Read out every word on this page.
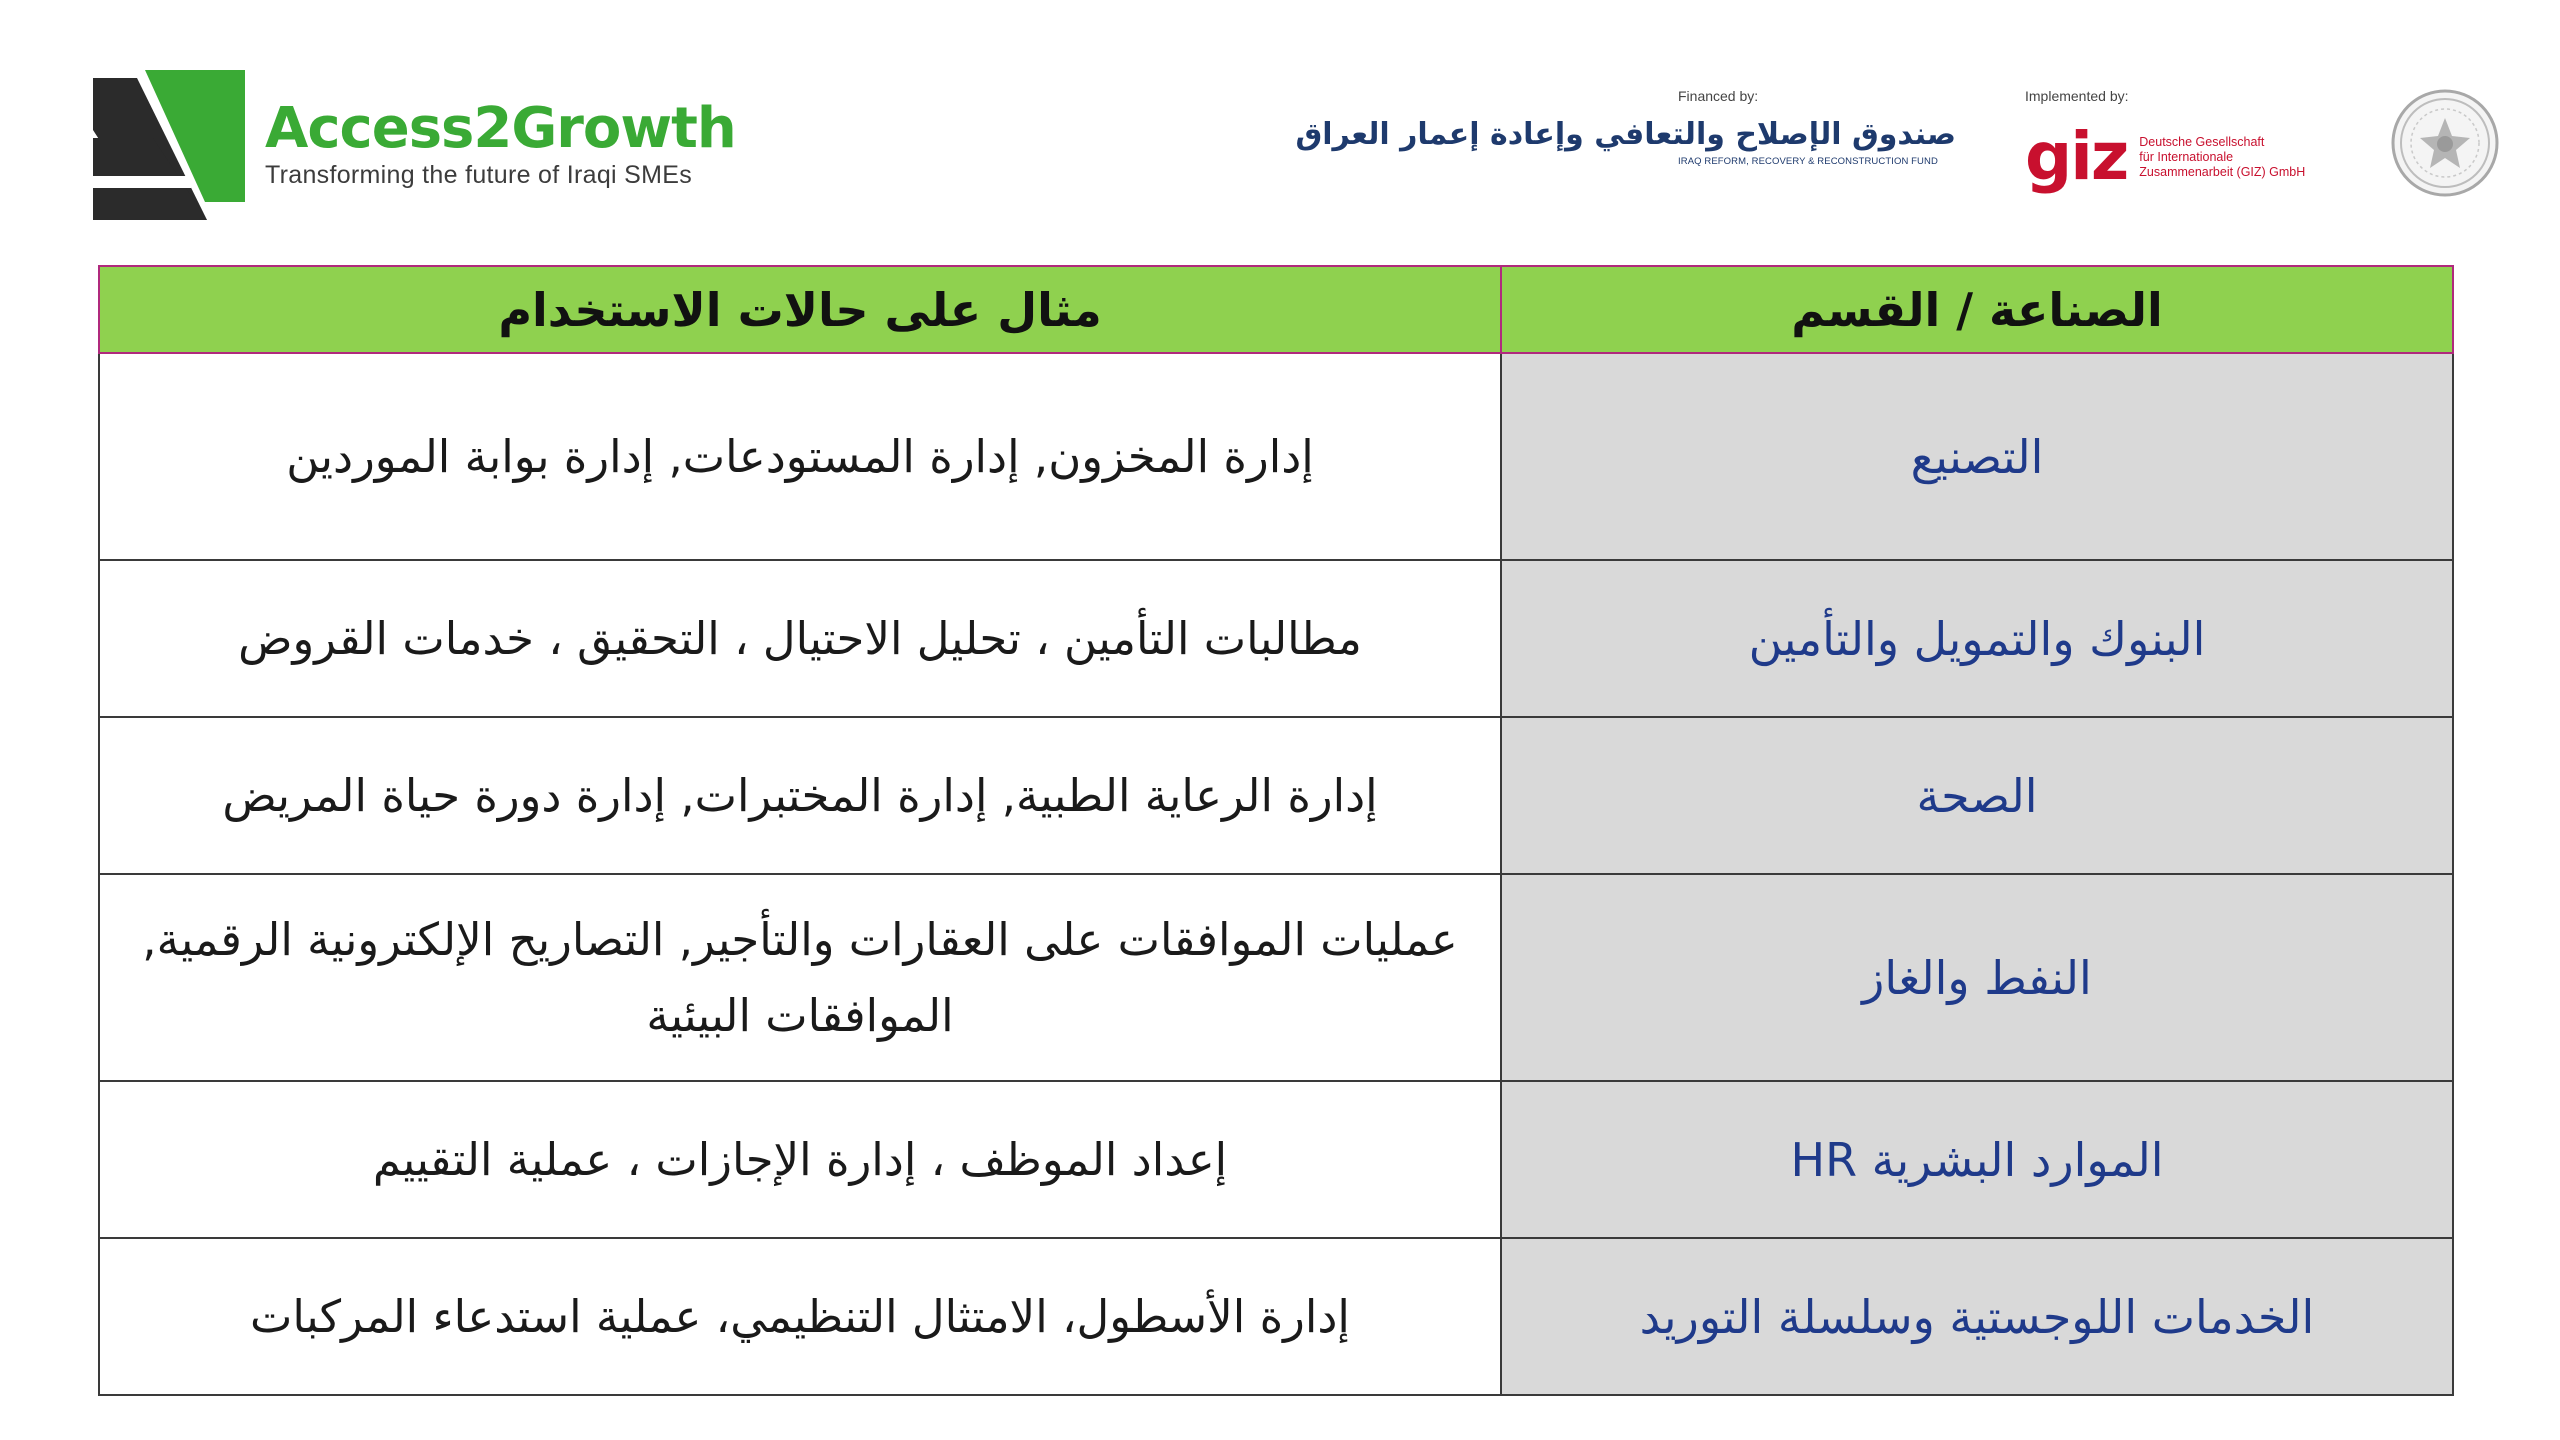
Access2Growth
Transforming the future of Iraqi SMEs
Financed by:
صندوق الإصلاح والتعافي وإعادة إعمار العراق
IRAQ REFORM, RECOVERY & RECONSTRUCTION FUND
Implemented by:
giz Deutsche Gesellschaft
für Internationale
Zusammenarbeit (GIZ) GmbH
مثال على حالات الاستخدام	الصناعة / القسم
إدارة المخزون, إدارة المستودعات, إدارة بوابة الموردين	التصنيع
مطالبات التأمين ، تحليل الاحتيال ، التحقيق ، خدمات القروض	البنوك والتمويل والتأمين
إدارة الرعاية الطبية, إدارة المختبرات, إدارة دورة حياة المريض	الصحة
عمليات الموافقات على العقارات والتأجير, التصاريح الإلكترونية الرقمية, الموافقات البيئية	النفط والغاز
إعداد الموظف ، إدارة الإجازات ، عملية التقييم	الموارد البشرية HR
إدارة الأسطول، الامتثال التنظيمي، عملية استدعاء المركبات	الخدمات اللوجستية وسلسلة التوريد
